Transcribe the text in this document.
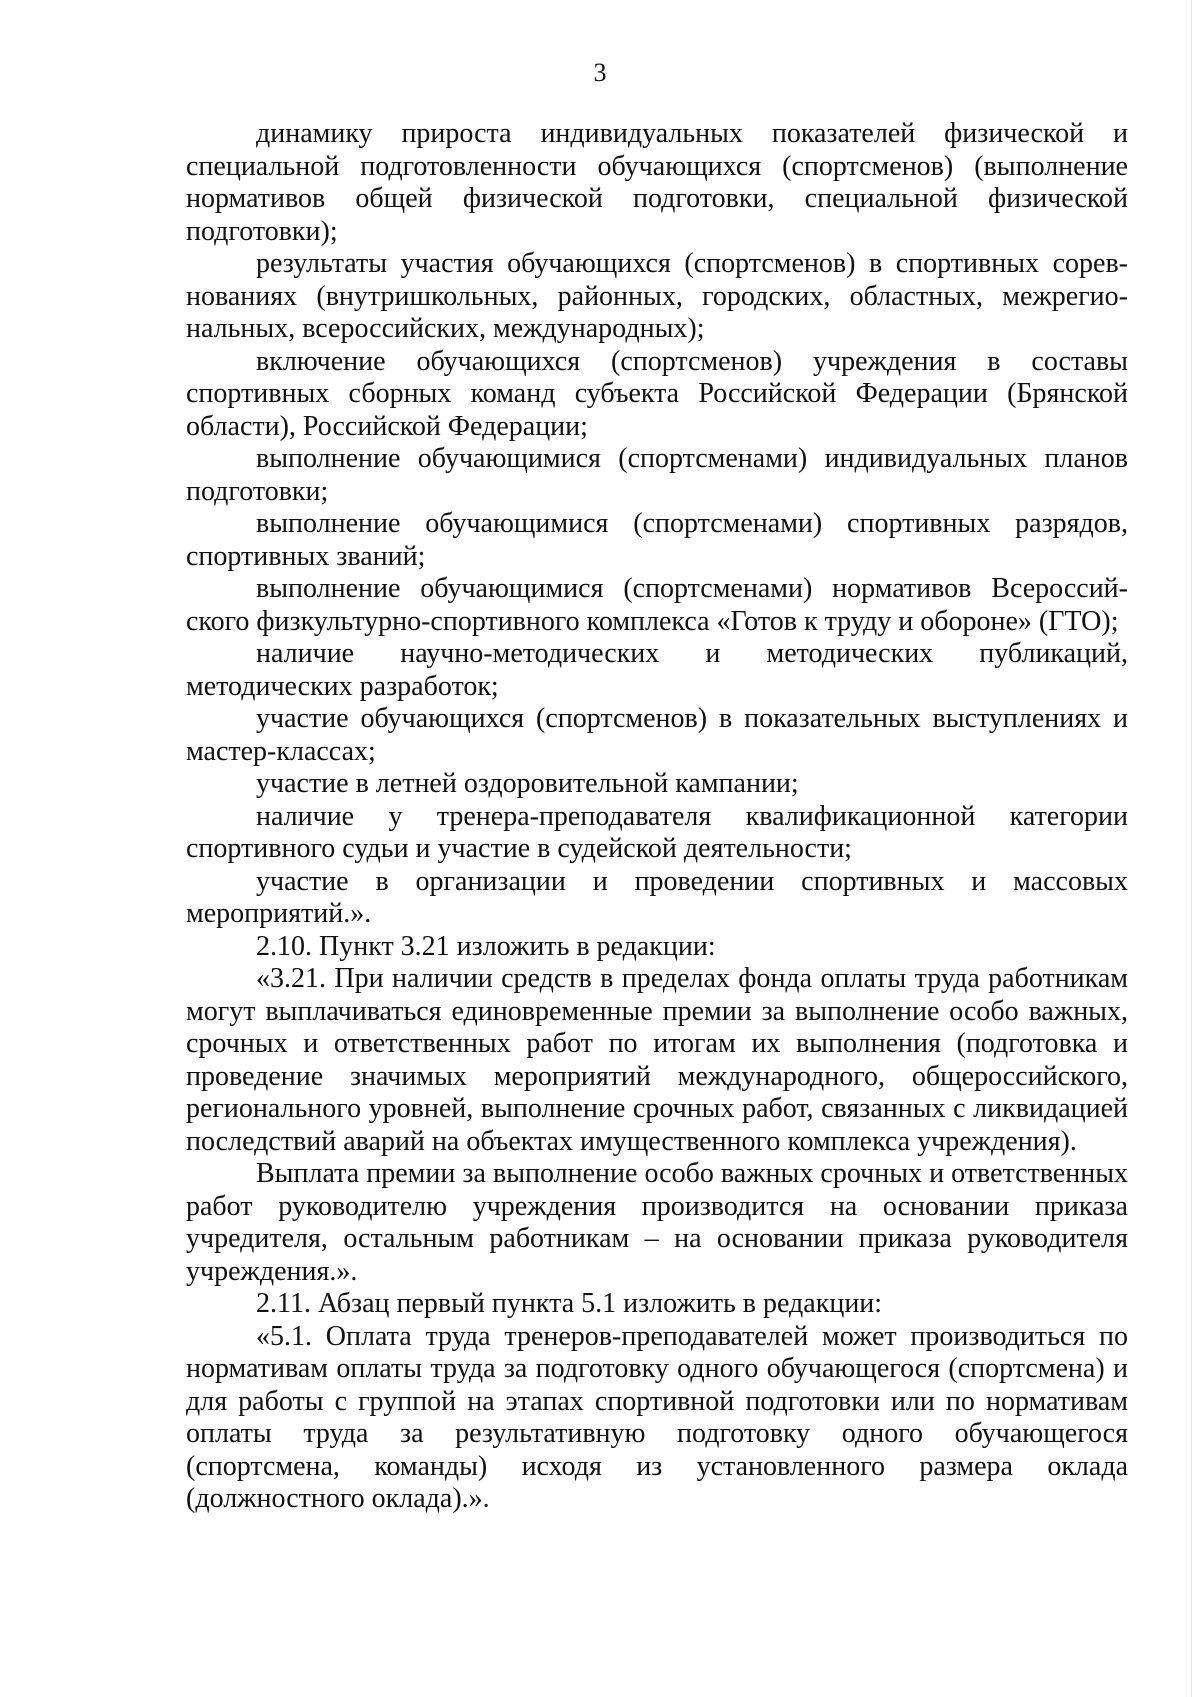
3

динамику прироста индивидуальных показателей физической и специальной подготовленности обучающихся (спортсменов) (выполнение нормативов общей физической подготовки, специальной физической подготовки);

результаты участия обучающихся (спортсменов) в спортивных соревнованиях (внутришкольных, районных, городских, областных, межрегиональных, всероссийских, международных);

включение обучающихся (спортсменов) учреждения в составы спортивных сборных команд субъекта Российской Федерации (Брянской области), Российской Федерации;

выполнение обучающимися (спортсменами) индивидуальных планов подготовки;

выполнение обучающимися (спортсменами) спортивных разрядов, спортивных званий;

выполнение обучающимися (спортсменами) нормативов Всероссийского физкультурно-спортивного комплекса «Готов к труду и обороне» (ГТО);

наличие научно-методических и методических публикаций, методических разработок;

участие обучающихся (спортсменов) в показательных выступлениях и мастер-классах;

участие в летней оздоровительной кампании;

наличие у тренера-преподавателя квалификационной категории спортивного судьи и участие в судейской деятельности;

участие в организации и проведении спортивных и массовых мероприятий.».

2.10. Пункт 3.21 изложить в редакции:

«3.21. При наличии средств в пределах фонда оплаты труда работникам могут выплачиваться единовременные премии за выполнение особо важных, срочных и ответственных работ по итогам их выполнения (подготовка и проведение значимых мероприятий международного, общероссийского, регионального уровней, выполнение срочных работ, связанных с ликвидацией последствий аварий на объектах имущественного комплекса учреждения).

Выплата премии за выполнение особо важных срочных и ответственных работ руководителю учреждения производится на основании приказа учредителя, остальным работникам – на основании приказа руководителя учреждения.».

2.11. Абзац первый пункта 5.1 изложить в редакции:

«5.1. Оплата труда тренеров-преподавателей может производиться по нормативам оплаты труда за подготовку одного обучающегося (спортсмена) и для работы с группой на этапах спортивной подготовки или по нормативам оплаты труда за результативную подготовку одного обучающегося (спортсмена, команды) исходя из установленного размера оклада (должностного оклада).».
